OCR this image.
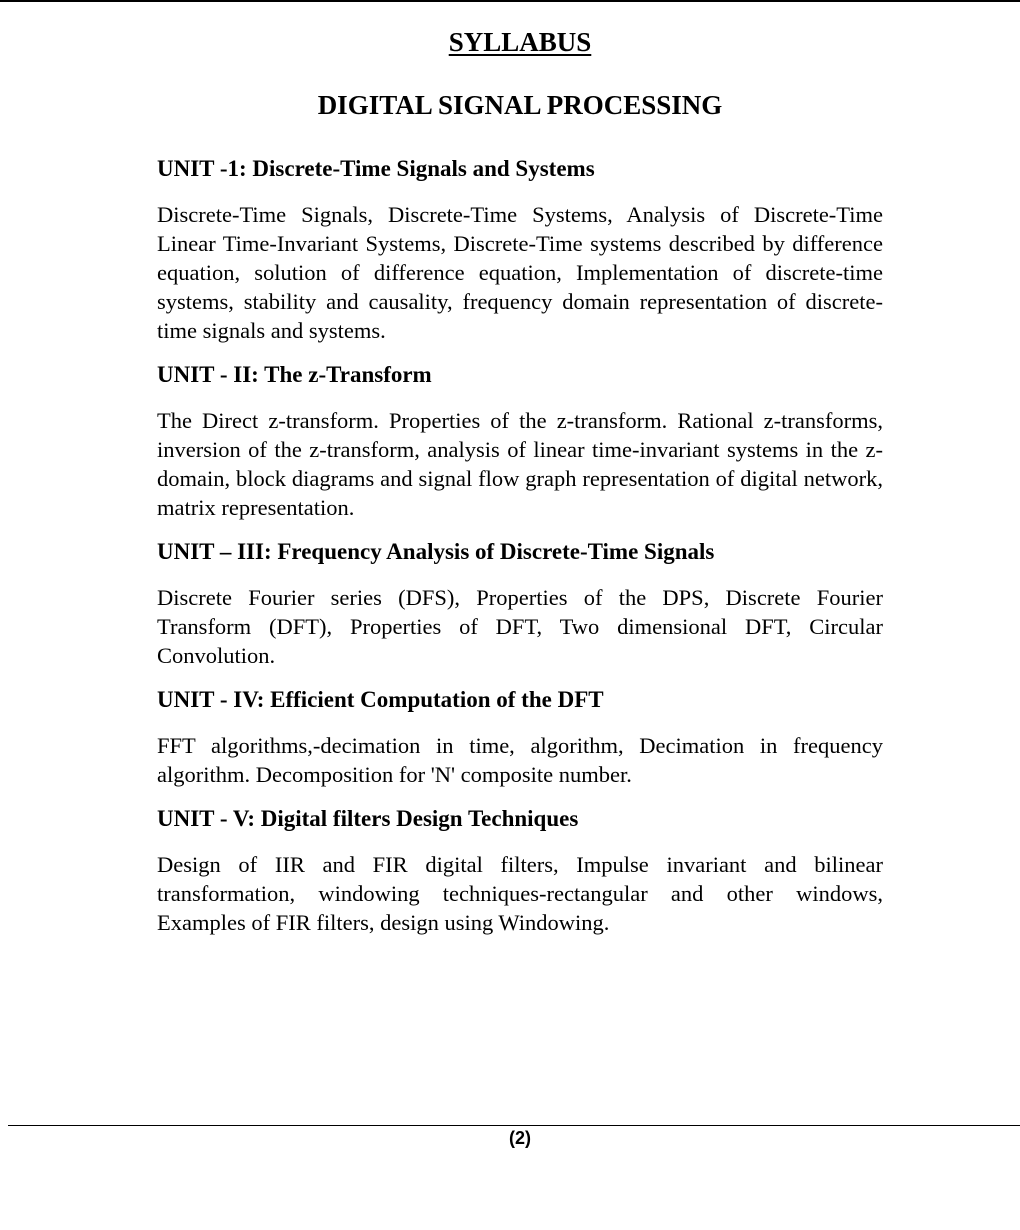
SYLLABUS
DIGITAL SIGNAL PROCESSING
UNIT -1: Discrete-Time Signals and Systems

Discrete-Time Signals, Discrete-Time Systems, Analysis of Discrete-Time Linear Time-Invariant Systems, Discrete-Time systems described by difference equation, solution of difference equation, Implementation of discrete-time systems, stability and causality, frequency domain representation of discrete-time signals and systems.

UNIT - II: The z-Transform

The Direct z-transform. Properties of the z-transform. Rational z-transforms, inversion of the z-transform, analysis of linear time-invariant systems in the z-domain, block diagrams and signal flow graph representation of digital network, matrix representation.

UNIT – III: Frequency Analysis of Discrete-Time Signals

Discrete Fourier series (DFS), Properties of the DPS, Discrete Fourier Transform (DFT), Properties of DFT, Two dimensional DFT, Circular Convolution.

UNIT - IV: Efficient Computation of the DFT

FFT algorithms,-decimation in time, algorithm, Decimation in frequency algorithm. Decomposition for 'N' composite number.

UNIT - V: Digital filters Design Techniques

Design of IIR and FIR digital filters, Impulse invariant and bilinear transformation, windowing techniques-rectangular and other windows, Examples of FIR filters, design using Windowing.

(2)
